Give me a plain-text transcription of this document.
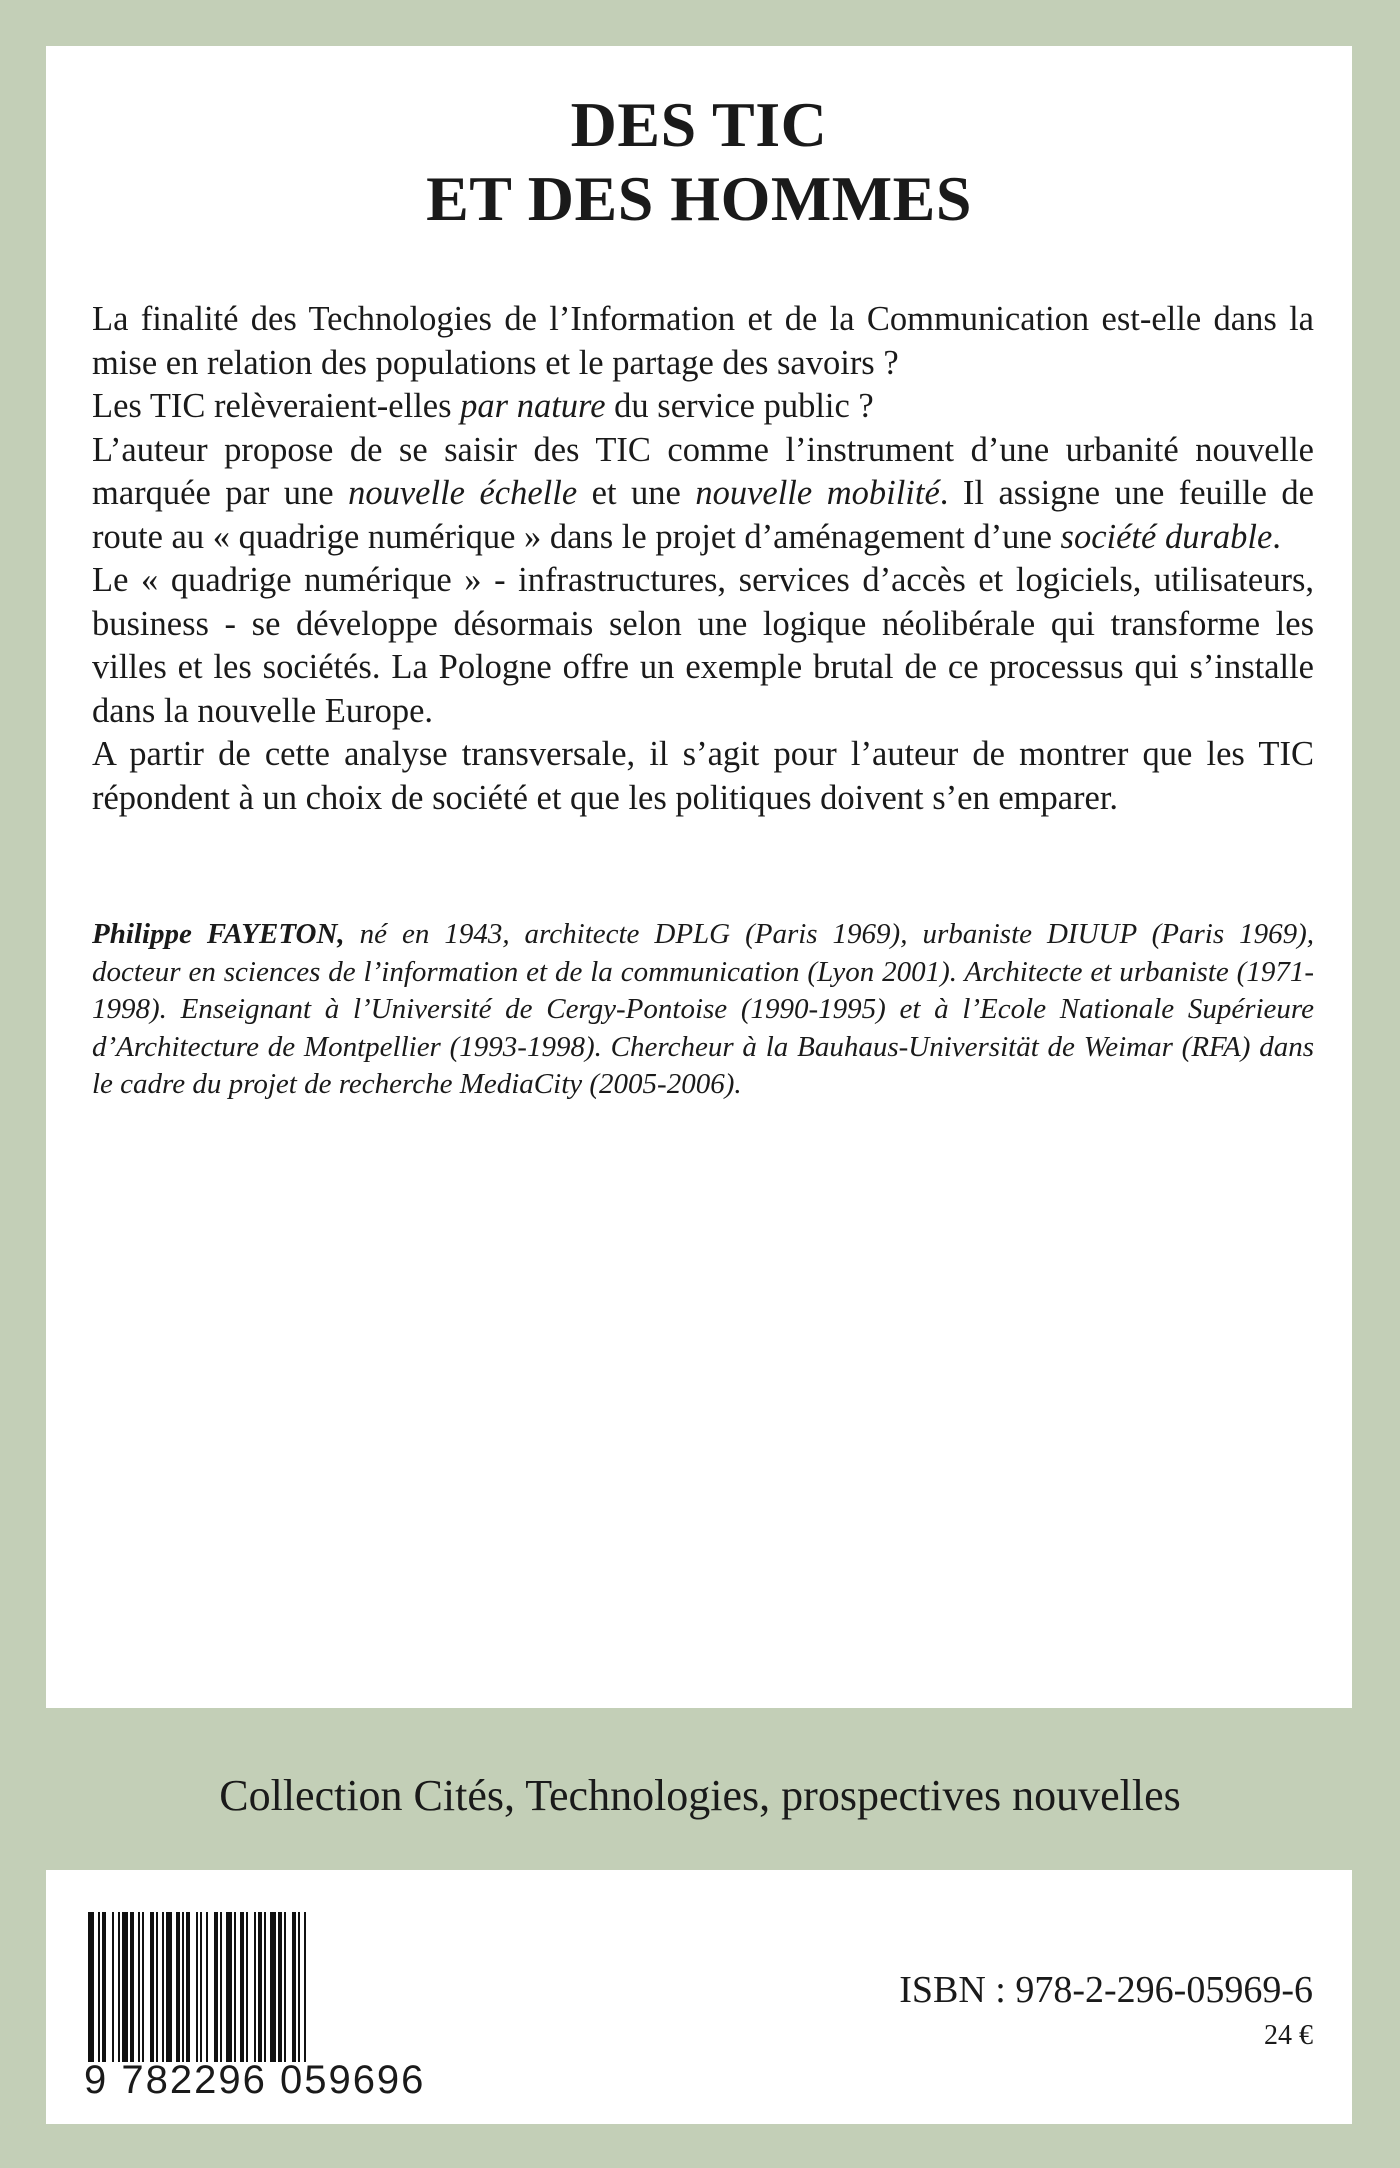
DES TIC
ET DES HOMMES

La finalité des Technologies de l’Information et de la Communication est-elle dans la mise en relation des populations et le partage des savoirs ?

Les TIC relèveraient-elles par nature du service public ?

L’auteur propose de se saisir des TIC comme l’instrument d’une urbanité nouvelle marquée par une nouvelle échelle et une nouvelle mobilité. Il assigne une feuille de route au « quadrige numérique » dans le projet d’aménagement d’une société durable.

Le « quadrige numérique » - infrastructures, services d’accès et logiciels, utilisateurs, business - se développe désormais selon une logique néolibérale qui transforme les villes et les sociétés. La Pologne offre un exemple brutal de ce processus qui s’installe dans la nouvelle Europe.

A partir de cette analyse transversale, il s’agit pour l’auteur de montrer que les TIC répondent à un choix de société et que les politiques doivent s’en emparer.

Philippe FAYETON, né en 1943, architecte DPLG (Paris 1969), urbaniste DIUUP (Paris 1969), docteur en sciences de l’information et de la communication (Lyon 2001). Architecte et urbaniste (1971-1998). Enseignant à l’Université de Cergy-Pontoise (1990-1995) et à l’Ecole Nationale Supérieure d’Architecture de Montpellier (1993-1998). Chercheur à la Bauhaus-Universität de Weimar (RFA) dans le cadre du projet de recherche MediaCity (2005-2006).
Collection Cités, Technologies, prospectives nouvelles
9 782296 059696
ISBN : 978-2-296-05969-6
24 €
